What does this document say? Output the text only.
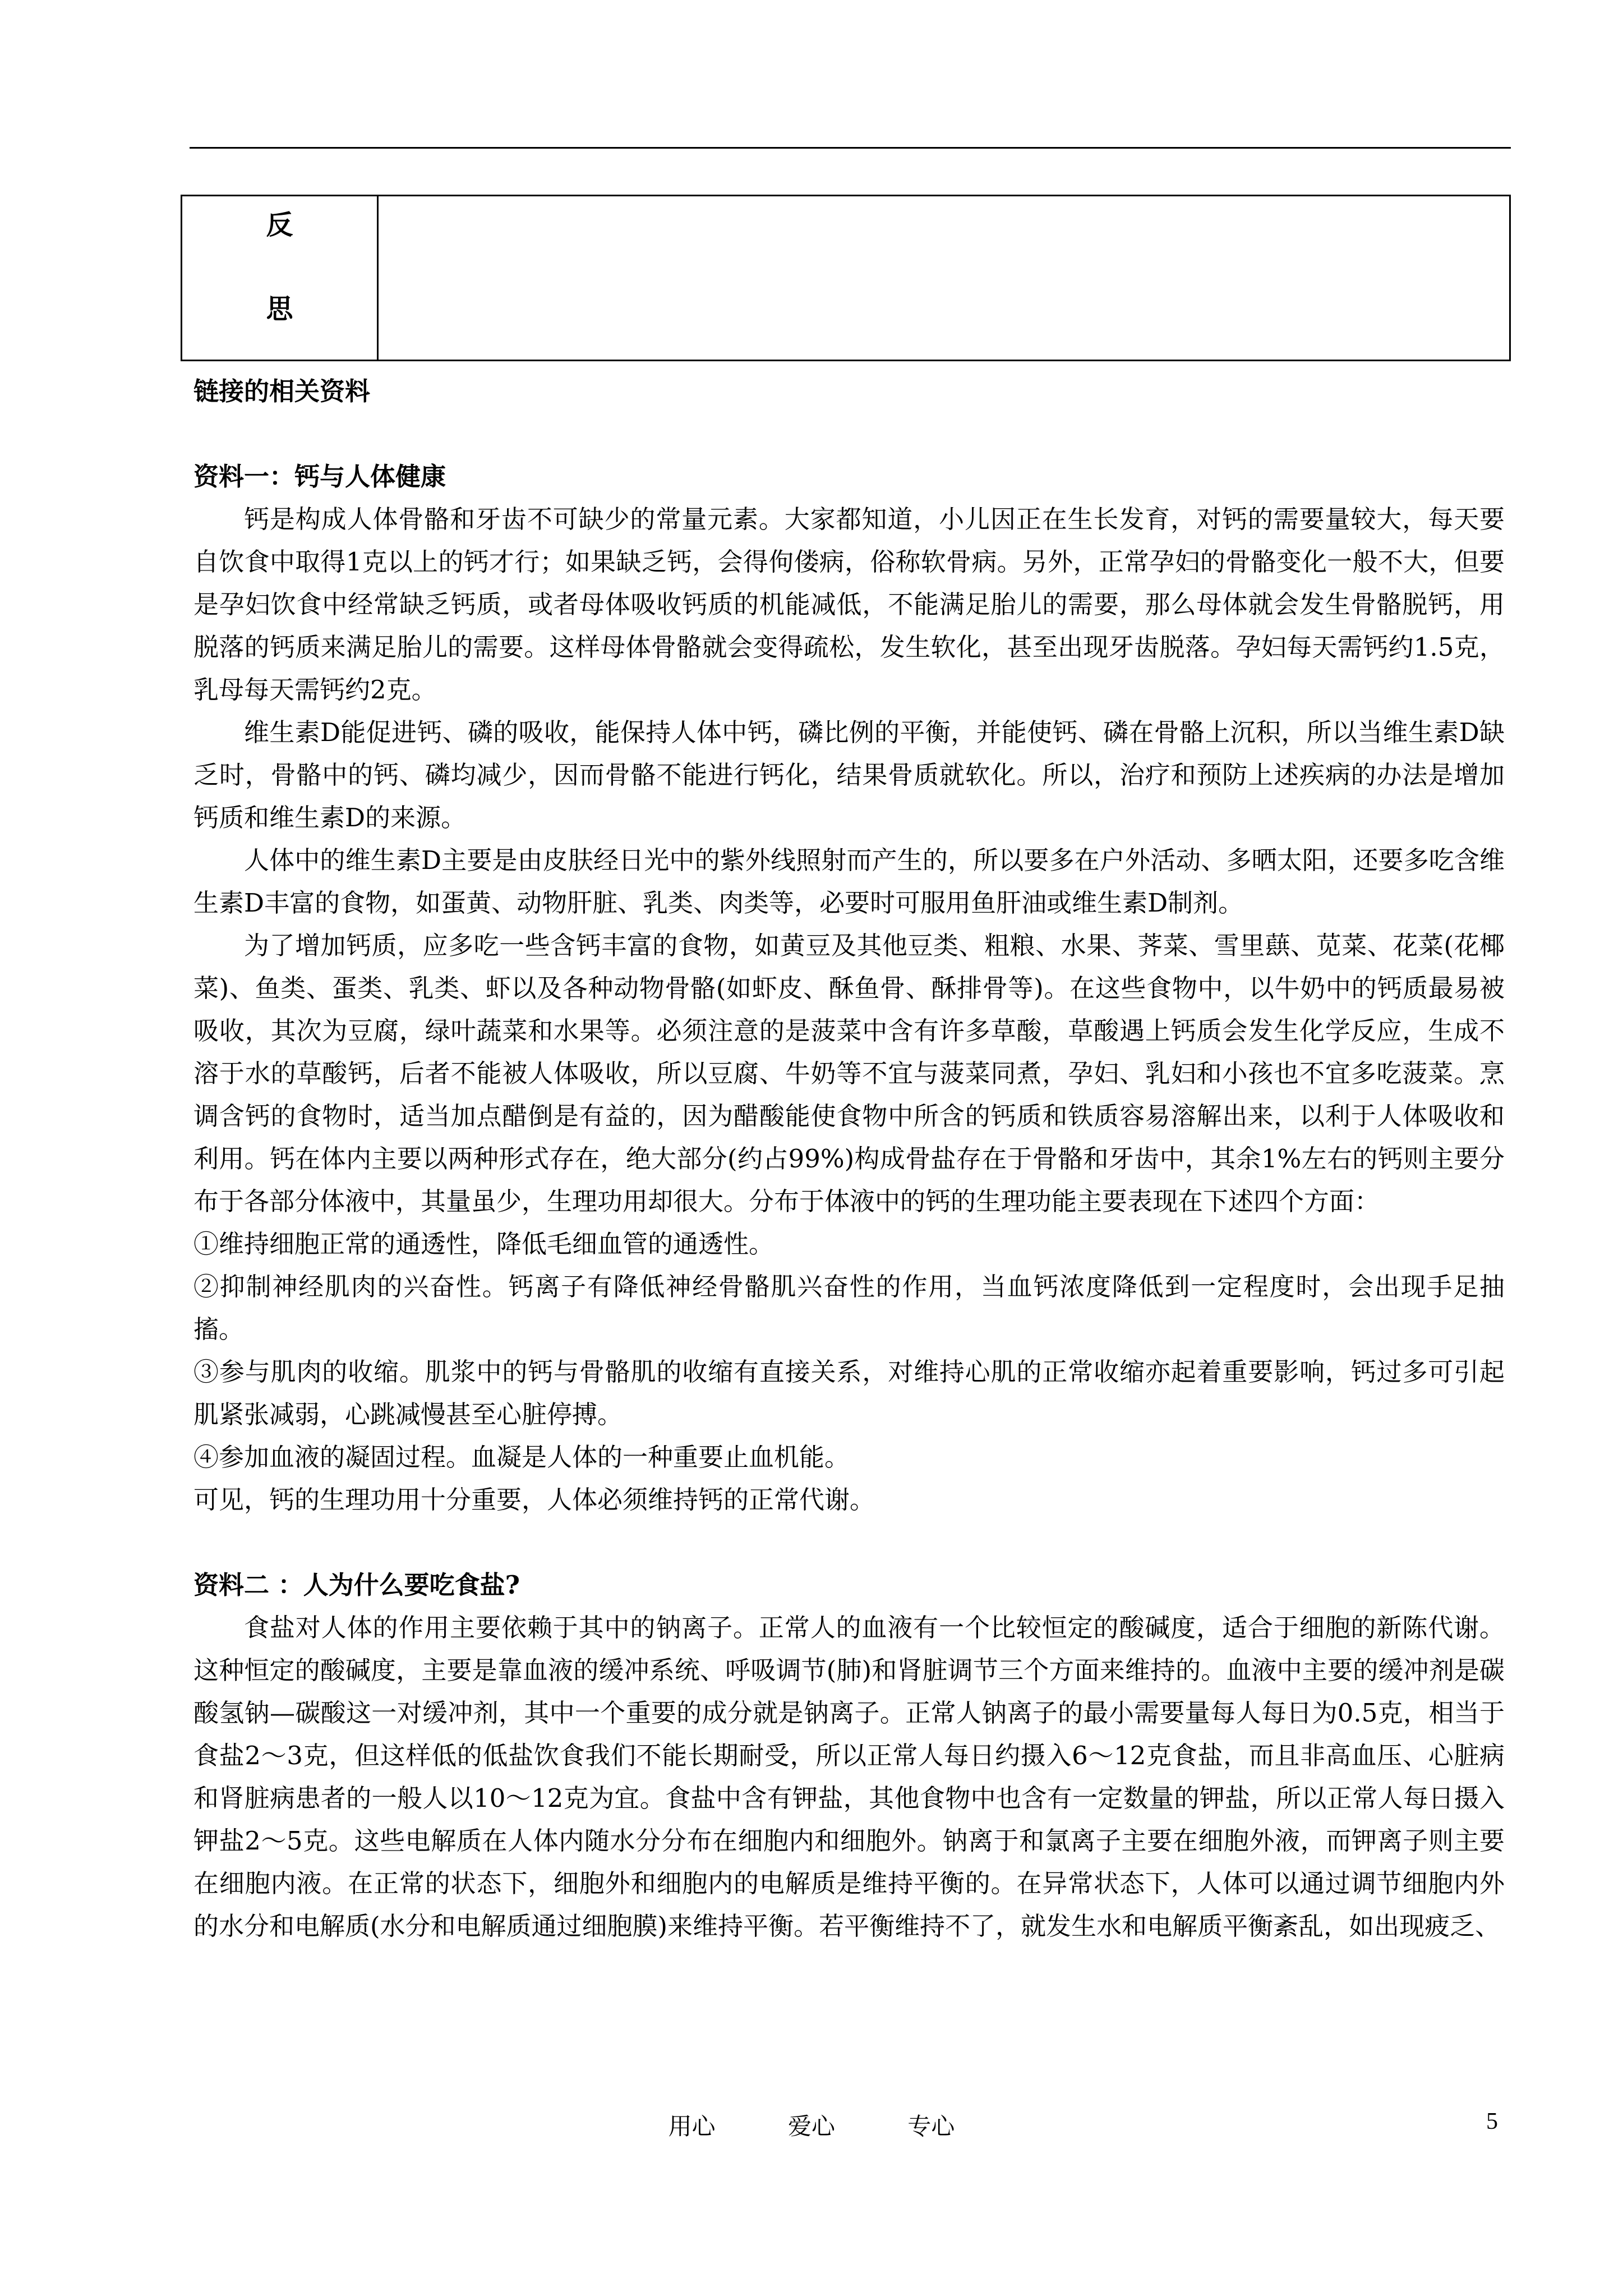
反
思

链接的相关资料

资料一：钙与人体健康

钙是构成人体骨骼和牙齿不可缺少的常量元素。大家都知道，小儿因正在生长发育，对钙的需要量较大，每天要自饮食中取得1克以上的钙才行；如果缺乏钙，会得佝偻病，俗称软骨病。另外，正常孕妇的骨骼变化一般不大，但要是孕妇饮食中经常缺乏钙质，或者母体吸收钙质的机能减低，不能满足胎儿的需要，那么母体就会发生骨骼脱钙，用脱落的钙质来满足胎儿的需要。这样母体骨骼就会变得疏松，发生软化，甚至出现牙齿脱落。孕妇每天需钙约1.5克，乳母每天需钙约2克。

维生素D能促进钙、磷的吸收，能保持人体中钙，磷比例的平衡，并能使钙、磷在骨骼上沉积，所以当维生素D缺乏时，骨骼中的钙、磷均减少，因而骨骼不能进行钙化，结果骨质就软化。所以，治疗和预防上述疾病的办法是增加钙质和维生素D的来源。

人体中的维生素D主要是由皮肤经日光中的紫外线照射而产生的，所以要多在户外活动、多晒太阳，还要多吃含维生素D丰富的食物，如蛋黄、动物肝脏、乳类、肉类等，必要时可服用鱼肝油或维生素D制剂。

为了增加钙质，应多吃一些含钙丰富的食物，如黄豆及其他豆类、粗粮、水果、荠菜、雪里蕻、苋菜、花菜(花椰菜)、鱼类、蛋类、乳类、虾以及各种动物骨骼(如虾皮、酥鱼骨、酥排骨等)。在这些食物中，以牛奶中的钙质最易被吸收，其次为豆腐，绿叶蔬菜和水果等。必须注意的是菠菜中含有许多草酸，草酸遇上钙质会发生化学反应，生成不溶于水的草酸钙，后者不能被人体吸收，所以豆腐、牛奶等不宜与菠菜同煮，孕妇、乳妇和小孩也不宜多吃菠菜。烹调含钙的食物时，适当加点醋倒是有益的，因为醋酸能使食物中所含的钙质和铁质容易溶解出来，以利于人体吸收和利用。钙在体内主要以两种形式存在，绝大部分(约占99%)构成骨盐存在于骨骼和牙齿中，其余1%左右的钙则主要分布于各部分体液中，其量虽少，生理功用却很大。分布于体液中的钙的生理功能主要表现在下述四个方面：

①维持细胞正常的通透性，降低毛细血管的通透性。

②抑制神经肌肉的兴奋性。钙离子有降低神经骨骼肌兴奋性的作用，当血钙浓度降低到一定程度时，会出现手足抽搐。

③参与肌肉的收缩。肌浆中的钙与骨骼肌的收缩有直接关系，对维持心肌的正常收缩亦起着重要影响，钙过多可引起肌紧张减弱，心跳减慢甚至心脏停搏。

④参加血液的凝固过程。血凝是人体的一种重要止血机能。

可见，钙的生理功用十分重要，人体必须维持钙的正常代谢。

资料二 ：人为什么要吃食盐?

食盐对人体的作用主要依赖于其中的钠离子。正常人的血液有一个比较恒定的酸碱度，适合于细胞的新陈代谢。这种恒定的酸碱度，主要是靠血液的缓冲系统、呼吸调节(肺)和肾脏调节三个方面来维持的。血液中主要的缓冲剂是碳酸氢钠—碳酸这一对缓冲剂，其中一个重要的成分就是钠离子。正常人钠离子的最小需要量每人每日为0.5克，相当于食盐2～3克，但这样低的低盐饮食我们不能长期耐受，所以正常人每日约摄入6～12克食盐，而且非高血压、心脏病和肾脏病患者的一般人以10～12克为宜。食盐中含有钾盐，其他食物中也含有一定数量的钾盐，所以正常人每日摄入钾盐2～5克。这些电解质在人体内随水分分布在细胞内和细胞外。钠离于和氯离子主要在细胞外液，而钾离子则主要在细胞内液。在正常的状态下，细胞外和细胞内的电解质是维持平衡的。在异常状态下，人体可以通过调节细胞内外的水分和电解质(水分和电解质通过细胞膜)来维持平衡。若平衡维持不了，就发生水和电解质平衡紊乱，如出现疲乏、

用心	爱心	专心	5
